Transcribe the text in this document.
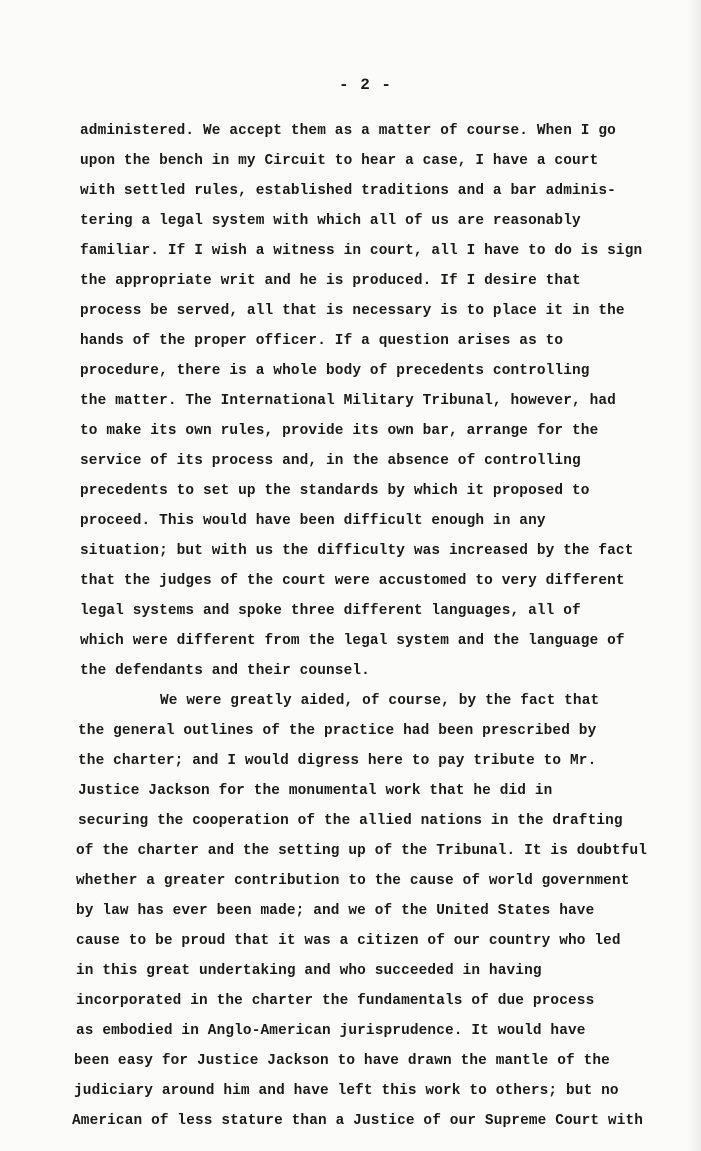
- 2 -
administered. We accept them as a matter of course. When I go
upon the bench in my Circuit to hear a case, I have a court
with settled rules, established traditions and a bar adminis-
tering a legal system with which all of us are reasonably
familiar. If I wish a witness in court, all I have to do is sign
the appropriate writ and he is produced. If I desire that
process be served, all that is necessary is to place it in the
hands of the proper officer. If a question arises as to
procedure, there is a whole body of precedents controlling
the matter. The International Military Tribunal, however, had
to make its own rules, provide its own bar, arrange for the
service of its process and, in the absence of controlling
precedents to set up the standards by which it proposed to
proceed. This would have been difficult enough in any
situation; but with us the difficulty was increased by the fact
that the judges of the court were accustomed to very different
legal systems and spoke three different languages, all of
which were different from the legal system and the language of
the defendants and their counsel.
We were greatly aided, of course, by the fact that
the general outlines of the practice had been prescribed by
the charter; and I would digress here to pay tribute to Mr.
Justice Jackson for the monumental work that he did in
securing the cooperation of the allied nations in the drafting
of the charter and the setting up of the Tribunal. It is doubtful
whether a greater contribution to the cause of world government
by law has ever been made; and we of the United States have
cause to be proud that it was a citizen of our country who led
in this great undertaking and who succeeded in having
incorporated in the charter the fundamentals of due process
as embodied in Anglo-American jurisprudence. It would have
been easy for Justice Jackson to have drawn the mantle of the
judiciary around him and have left this work to others; but no
American of less stature than a Justice of our Supreme Court with
